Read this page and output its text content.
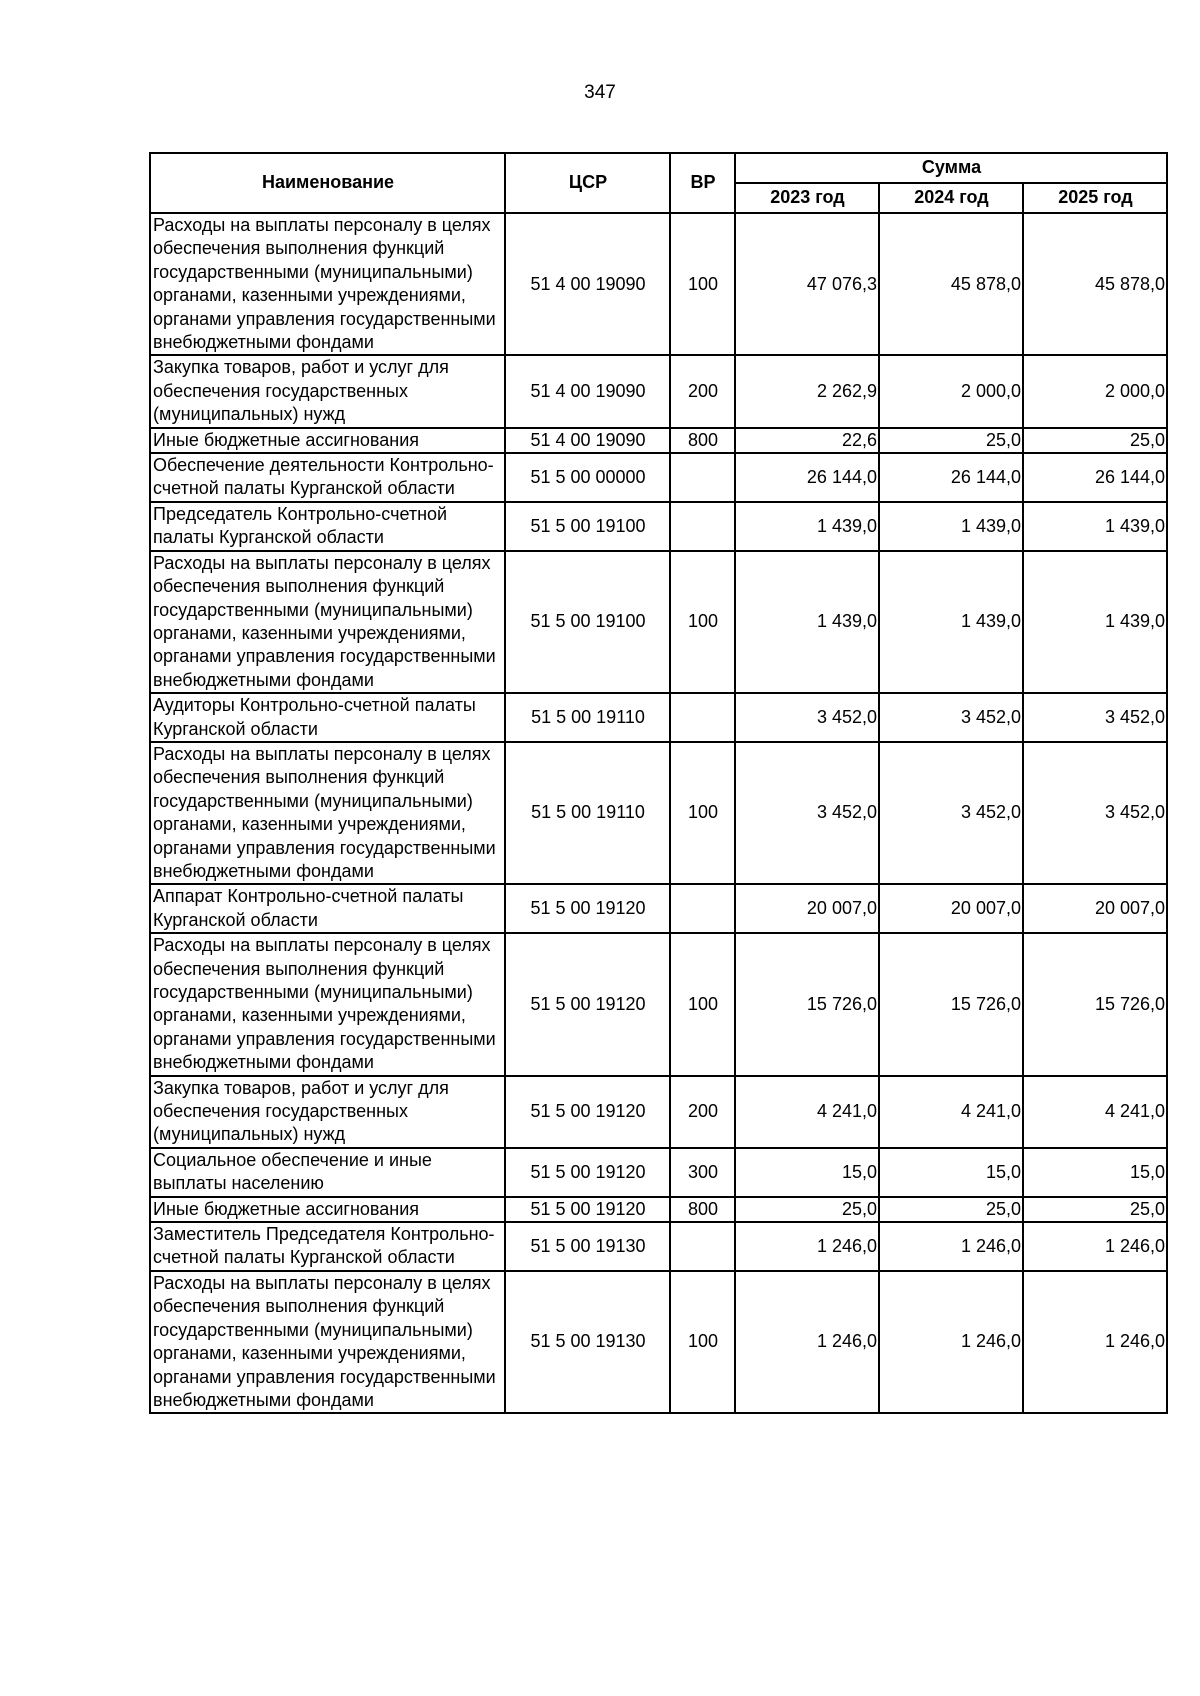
347
Наименование	ЦСР	ВР	Сумма		
			2023 год	2024 год	2025 год
Расходы на выплаты персоналу в целях обеспечения выполнения функций государственными (муниципальными) органами, казенными учреждениями, органами управления государственными внебюджетными фондами	51 4 00 19090	100	47 076,3	45 878,0	45 878,0
Закупка товаров, работ и услуг для обеспечения государственных (муниципальных) нужд	51 4 00 19090	200	2 262,9	2 000,0	2 000,0
Иные бюджетные ассигнования	51 4 00 19090	800	22,6	25,0	25,0
Обеспечение деятельности Контрольно-счетной палаты Курганской области	51 5 00 00000		26 144,0	26 144,0	26 144,0
Председатель Контрольно-счетной палаты Курганской области	51 5 00 19100		1 439,0	1 439,0	1 439,0
Расходы на выплаты персоналу в целях обеспечения выполнения функций государственными (муниципальными) органами, казенными учреждениями, органами управления государственными внебюджетными фондами	51 5 00 19100	100	1 439,0	1 439,0	1 439,0
Аудиторы Контрольно-счетной палаты Курганской области	51 5 00 19110		3 452,0	3 452,0	3 452,0
Расходы на выплаты персоналу в целях обеспечения выполнения функций государственными (муниципальными) органами, казенными учреждениями, органами управления государственными внебюджетными фондами	51 5 00 19110	100	3 452,0	3 452,0	3 452,0
Аппарат Контрольно-счетной палаты Курганской области	51 5 00 19120		20 007,0	20 007,0	20 007,0
Расходы на выплаты персоналу в целях обеспечения выполнения функций государственными (муниципальными) органами, казенными учреждениями, органами управления государственными внебюджетными фондами	51 5 00 19120	100	15 726,0	15 726,0	15 726,0
Закупка товаров, работ и услуг для обеспечения государственных (муниципальных) нужд	51 5 00 19120	200	4 241,0	4 241,0	4 241,0
Социальное обеспечение и иные выплаты населению	51 5 00 19120	300	15,0	15,0	15,0
Иные бюджетные ассигнования	51 5 00 19120	800	25,0	25,0	25,0
Заместитель Председателя Контрольно-счетной палаты Курганской области	51 5 00 19130		1 246,0	1 246,0	1 246,0
Расходы на выплаты персоналу в целях обеспечения выполнения функций государственными (муниципальными) органами, казенными учреждениями, органами управления государственными внебюджетными фондами	51 5 00 19130	100	1 246,0	1 246,0	1 246,0
